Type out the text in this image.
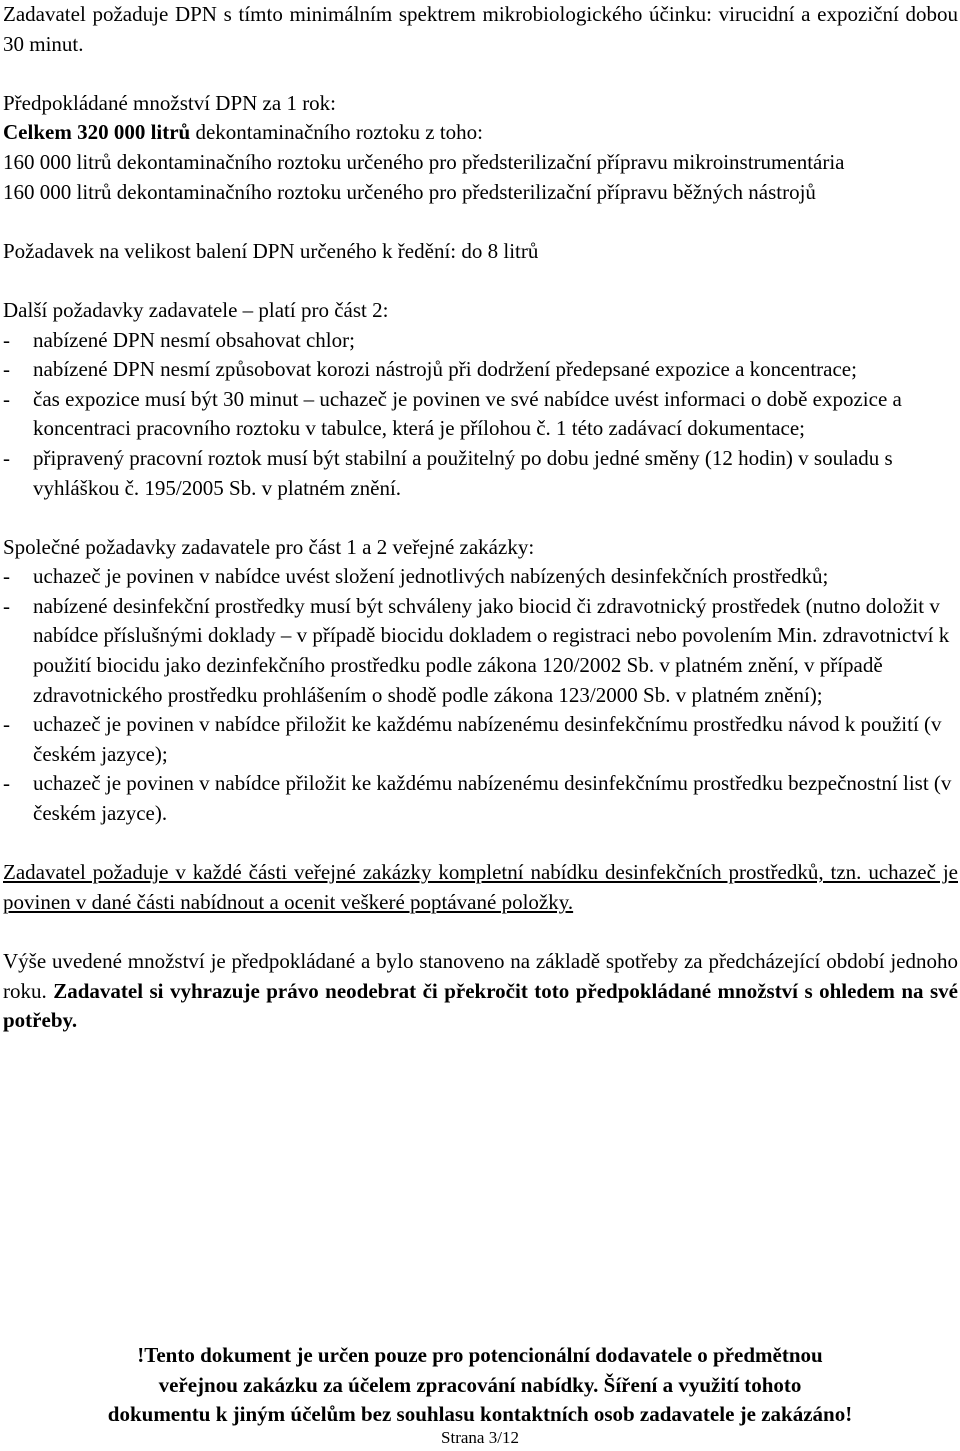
Zadavatel požaduje DPN s tímto minimálním spektrem mikrobiologického účinku: virucidní a expoziční dobou 30 minut.

Předpokládané množství DPN za 1 rok:

Celkem 320 000 litrů dekontaminačního roztoku z toho:

160 000 litrů dekontaminačního roztoku určeného pro předsterilizační přípravu mikroinstrumentária

160 000 litrů dekontaminačního roztoku určeného pro předsterilizační přípravu běžných nástrojů

Požadavek na velikost balení DPN určeného k ředění: do 8 litrů

Další požadavky zadavatele – platí pro část 2:

- nabízené DPN nesmí obsahovat chlor;
- nabízené DPN nesmí způsobovat korozi nástrojů při dodržení předepsané expozice a koncentrace;
- čas expozice musí být 30 minut – uchazeč je povinen ve své nabídce uvést informaci o době expozice a koncentraci pracovního roztoku v tabulce, která je přílohou č. 1 této zadávací dokumentace;
- připravený pracovní roztok musí být stabilní a použitelný po dobu jedné směny (12 hodin) v souladu s vyhláškou č. 195/2005 Sb. v platném znění.

Společné požadavky zadavatele pro část 1 a 2 veřejné zakázky:

- uchazeč je povinen v nabídce uvést složení jednotlivých nabízených desinfekčních prostředků;
- nabízené desinfekční prostředky musí být schváleny jako biocid či zdravotnický prostředek (nutno doložit v nabídce příslušnými doklady – v případě biocidu dokladem o registraci nebo povolením Min. zdravotnictví k použití biocidu jako dezinfekčního prostředku podle zákona 120/2002 Sb. v platném znění, v případě zdravotnického prostředku prohlášením o shodě podle zákona 123/2000 Sb. v platném znění);
- uchazeč je povinen v nabídce přiložit ke každému nabízenému desinfekčnímu prostředku návod k použití (v českém jazyce);
- uchazeč je povinen v nabídce přiložit ke každému nabízenému desinfekčnímu prostředku bezpečnostní list (v českém jazyce).

Zadavatel požaduje v každé části veřejné zakázky kompletní nabídku desinfekčních prostředků, tzn. uchazeč je povinen v dané části nabídnout a ocenit veškeré poptávané položky.

Výše uvedené množství je předpokládané a bylo stanoveno na základě spotřeby za předcházející období jednoho roku. Zadavatel si vyhrazuje právo neodebrat či překročit toto předpokládané množství s ohledem na své potřeby.

!Tento dokument je určen pouze pro potencionální dodavatele o předmětnou
veřejnou zakázku za účelem zpracování nabídky. Šíření a využití tohoto
dokumentu k jiným účelům bez souhlasu kontaktních osob zadavatele je zakázáno!
Strana 3/12
